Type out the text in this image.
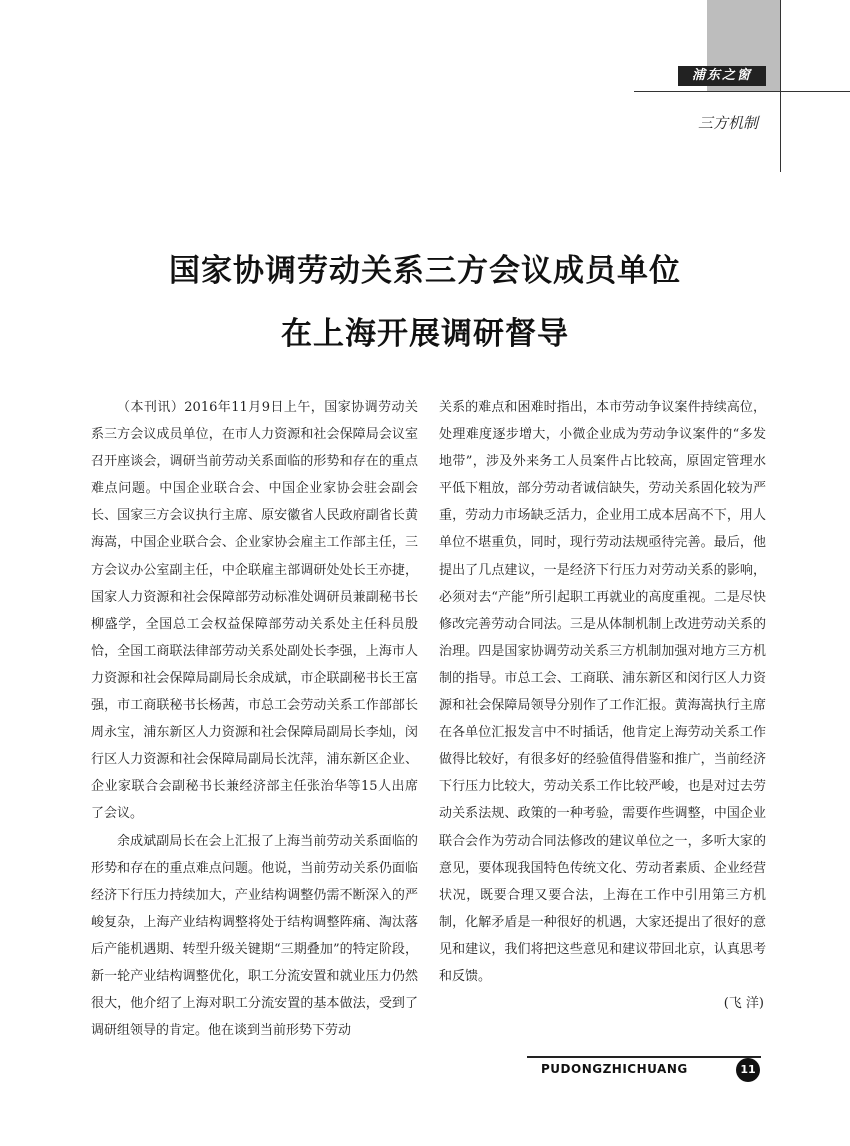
浦东之窗
三方机制
国家协调劳动关系三方会议成员单位
在上海开展调研督导

（本刊讯）2016年11月9日上午，国家协调劳动关系三方会议成员单位，在市人力资源和社会保障局会议室召开座谈会，调研当前劳动关系面临的形势和存在的重点难点问题。中国企业联合会、中国企业家协会驻会副会长、国家三方会议执行主席、原安徽省人民政府副省长黄海嵩，中国企业联合会、企业家协会雇主工作部主任，三方会议办公室副主任，中企联雇主部调研处处长王亦捷，国家人力资源和社会保障部劳动标准处调研员兼副秘书长柳盛学，全国总工会权益保障部劳动关系处主任科员殷恰，全国工商联法律部劳动关系处副处长李强，上海市人力资源和社会保障局副局长余成斌，市企联副秘书长王富强，市工商联秘书长杨茜，市总工会劳动关系工作部部长周永宝，浦东新区人力资源和社会保障局副局长李灿，闵行区人力资源和社会保障局副局长沈萍，浦东新区企业、企业家联合会副秘书长兼经济部主任张治华等15人出席了会议。

余成斌副局长在会上汇报了上海当前劳动关系面临的形势和存在的重点难点问题。他说，当前劳动关系仍面临经济下行压力持续加大，产业结构调整仍需不断深入的严峻复杂，上海产业结构调整将处于结构调整阵痛、淘汰落后产能机遇期、转型升级关键期“三期叠加”的特定阶段，新一轮产业结构调整优化，职工分流安置和就业压力仍然很大，他介绍了上海对职工分流安置的基本做法，受到了调研组领导的肯定。他在谈到当前形势下劳动

关系的难点和困难时指出，本市劳动争议案件持续高位，处理难度逐步增大，小微企业成为劳动争议案件的“多发地带”，涉及外来务工人员案件占比较高，原固定管理水平低下粗放，部分劳动者诚信缺失，劳动关系固化较为严重，劳动力市场缺乏活力，企业用工成本居高不下，用人单位不堪重负，同时，现行劳动法规亟待完善。最后，他提出了几点建议，一是经济下行压力对劳动关系的影响，必须对去“产能”所引起职工再就业的高度重视。二是尽快修改完善劳动合同法。三是从体制机制上改进劳动关系的治理。四是国家协调劳动关系三方机制加强对地方三方机制的指导。市总工会、工商联、浦东新区和闵行区人力资源和社会保障局领导分别作了工作汇报。黄海嵩执行主席在各单位汇报发言中不时插话，他肯定上海劳动关系工作做得比较好，有很多好的经验值得借鉴和推广，当前经济下行压力比较大，劳动关系工作比较严峻，也是对过去劳动关系法规、政策的一种考验，需要作些调整，中国企业联合会作为劳动合同法修改的建议单位之一，多听大家的意见，要体现我国特色传统文化、劳动者素质、企业经营状况，既要合理又要合法，上海在工作中引用第三方机制，化解矛盾是一种很好的机遇，大家还提出了很好的意见和建议，我们将把这些意见和建议带回北京，认真思考和反馈。

(飞 洋)
PUDONGZHICHUANG	11
